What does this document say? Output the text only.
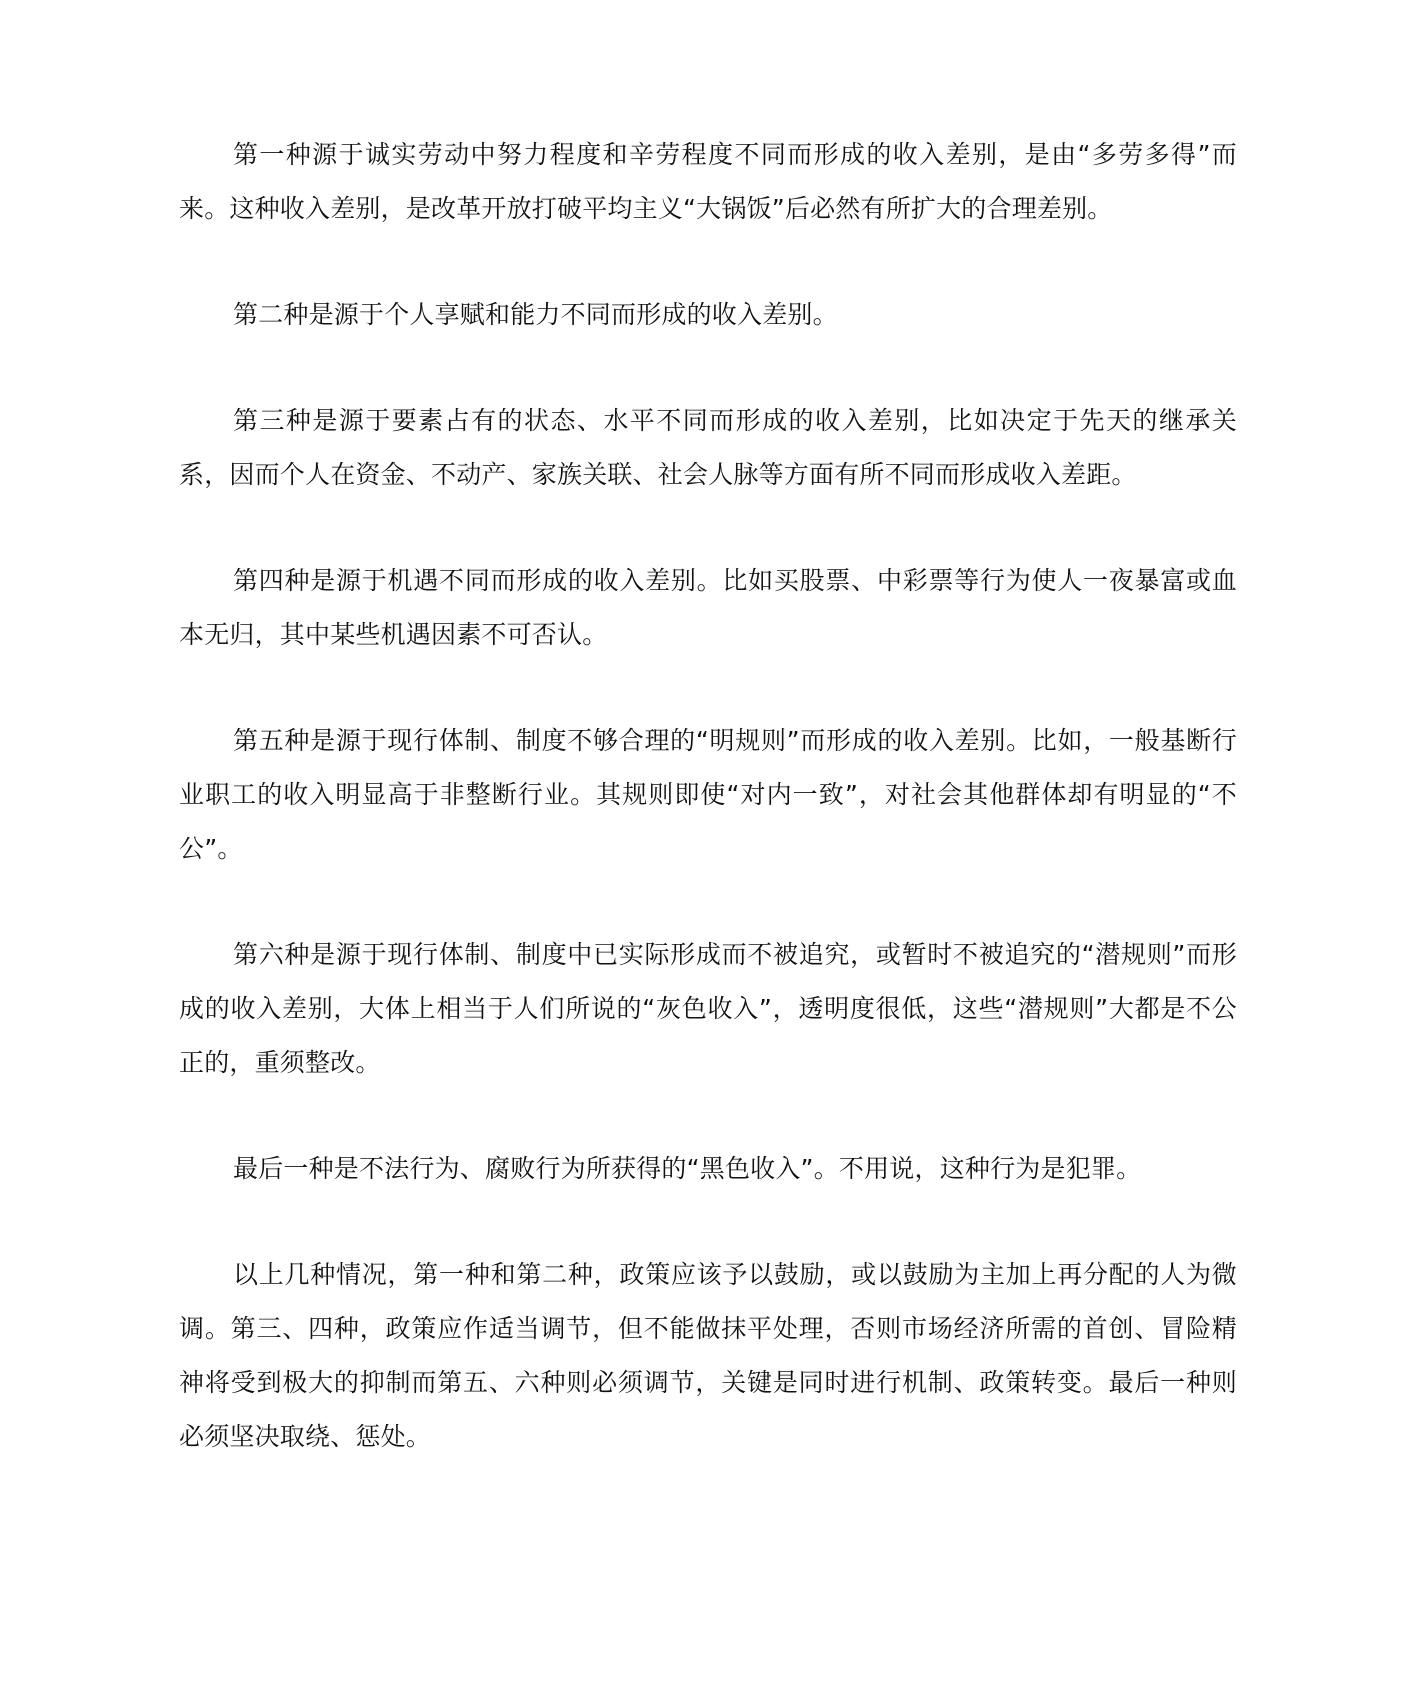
第一种源于诚实劳动中努力程度和辛劳程度不同而形成的收入差别，是由“多劳多得”而来。这种收入差别，是改革开放打破平均主义“大锅饭”后必然有所扩大的合理差别。

第二种是源于个人享赋和能力不同而形成的收入差别。

第三种是源于要素占有的状态、水平不同而形成的收入差别，比如决定于先天的继承关系，因而个人在资金、不动产、家族关联、社会人脉等方面有所不同而形成收入差距。

第四种是源于机遇不同而形成的收入差别。比如买股票、中彩票等行为使人一夜暴富或血本无归，其中某些机遇因素不可否认。

第五种是源于现行体制、制度不够合理的“明规则”而形成的收入差别。比如，一般基断行业职工的收入明显高于非整断行业。其规则即使“对内一致”，对社会其他群体却有明显的“不公”。

第六种是源于现行体制、制度中已实际形成而不被追究，或暂时不被追究的“潜规则”而形成的收入差别，大体上相当于人们所说的“灰色收入”，透明度很低，这些“潜规则”大都是不公正的，重须整改。

最后一种是不法行为、腐败行为所获得的“黑色收入”。不用说，这种行为是犯罪。

以上几种情况，第一种和第二种，政策应该予以鼓励，或以鼓励为主加上再分配的人为微调。第三、四种，政策应作适当调节，但不能做抹平处理，否则市场经济所需的首创、冒险精神将受到极大的抑制而第五、六种则必须调节，关键是同时进行机制、政策转变。最后一种则必须坚决取绕、惩处。
